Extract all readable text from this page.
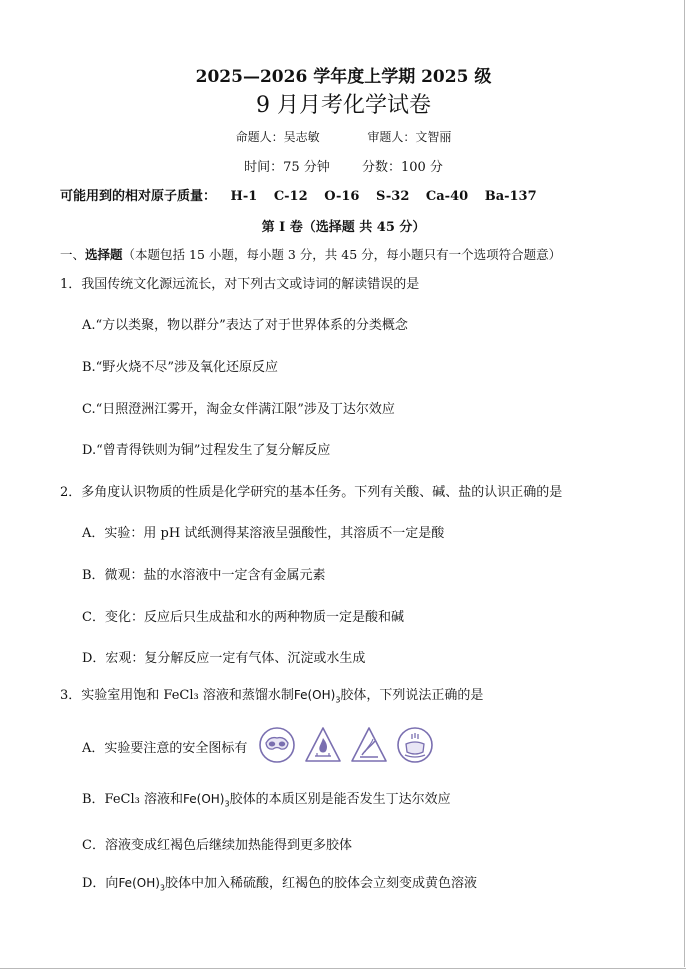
2025—2026 学年度上学期 2025 级
9 月月考化学试卷
命题人：吴志敏	审题人：文智丽
时间：75 分钟 分数：100 分
可能用到的相对原子质量： H-1 C-12 O-16 S-32 Ca-40 Ba-137
第 I 卷（选择题 共 45 分）
一、选择题（本题包括 15 小题，每小题 3 分，共 45 分，每小题只有一个选项符合题意）
1．我国传统文化源远流长，对下列古文或诗词的解读错误的是
A.“方以类聚，物以群分”表达了对于世界体系的分类概念
B.“野火烧不尽”涉及氧化还原反应
C.“日照澄洲江雾开，淘金女伴满江限”涉及丁达尔效应
D.“曾青得铁则为铜”过程发生了复分解反应
2．多角度认识物质的性质是化学研究的基本任务。下列有关酸、碱、盐的认识正确的是
A．实验：用 pH 试纸测得某溶液呈强酸性，其溶质不一定是酸
B．微观：盐的水溶液中一定含有金属元素
C．变化：反应后只生成盐和水的两种物质一定是酸和碱
D．宏观：复分解反应一定有气体、沉淀或水生成
3．实验室用饱和 FeCl₃ 溶液和蒸馏水制$Fe(OH)_3$胶体，下列说法正确的是
A．实验要注意的安全图标有
B．FeCl₃ 溶液和$Fe(OH)_3$胶体的本质区别是能否发生丁达尔效应
C．溶液变成红褐色后继续加热能得到更多胶体
D．向$Fe(OH)_3$胶体中加入稀硫酸，红褐色的胶体会立刻变成黄色溶液
